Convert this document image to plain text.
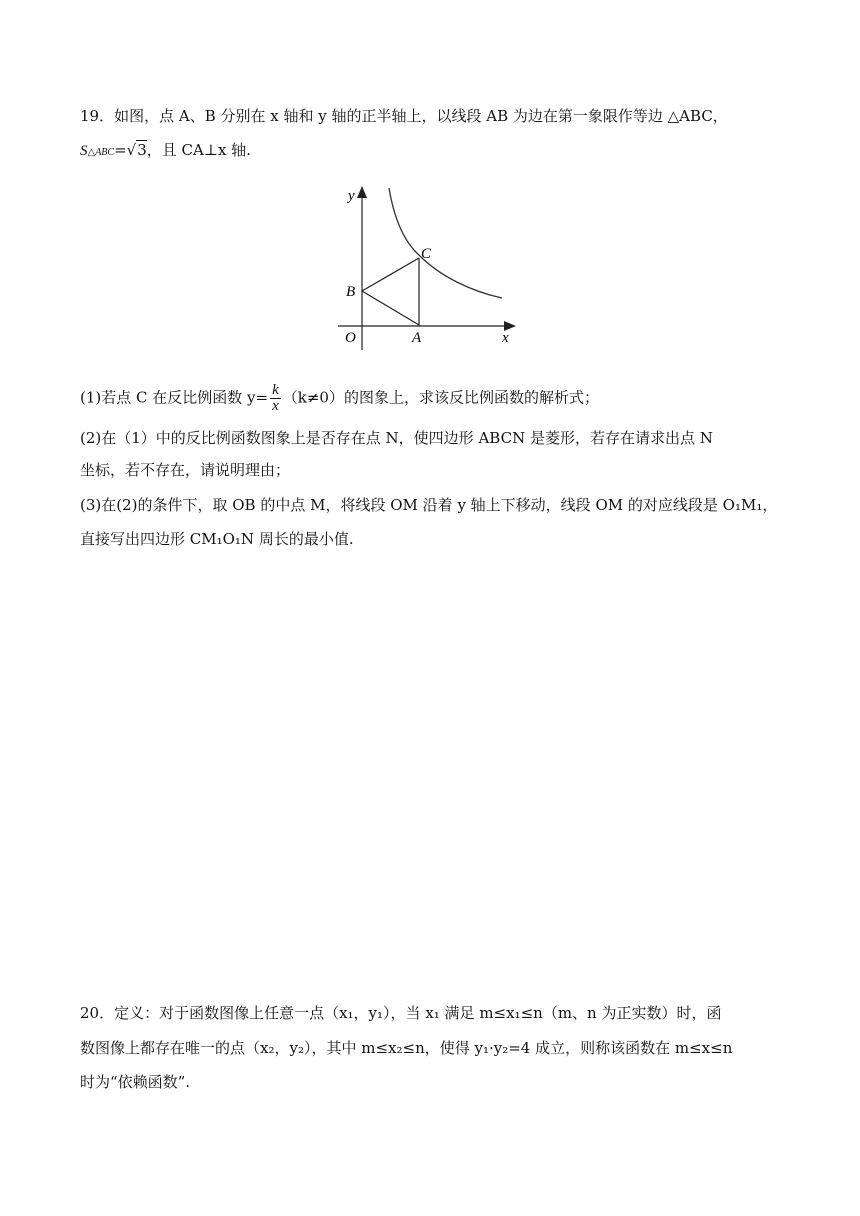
19．如图，点 A、B 分别在 x 轴和 y 轴的正半轴上，以线段 AB 为边在第一象限作等边 △ABC，
S△ABC=√3，且 CA⊥x 轴.
y
x
O	A
B
C
(1)若点 C 在反比例函数 $y= \frac{k}{x} (k\ne 0)$的图象上，求该反比例函数的解析式；
(2)在（1）中的反比例函数图象上是否存在点 N，使四边形 ABCN 是菱形，若存在请求出点 N
坐标，若不存在，请说明理由；
(3)在(2)的条件下，取 OB 的中点 M，将线段 OM 沿着 y 轴上下移动，线段 OM 的对应线段是 O₁M₁，
直接写出四边形 CM₁O₁N 周长的最小值.
20．定义：对于函数图像上任意一点（x₁，y₁），当 x₁ 满足 m≤x₁≤n（m、n 为正实数）时，函
数图像上都存在唯一的点（x₂，y₂），其中 m≤x₂≤n，使得 y₁·y₂=4 成立，则称该函数在 m≤x≤n
时为“依赖函数”.
